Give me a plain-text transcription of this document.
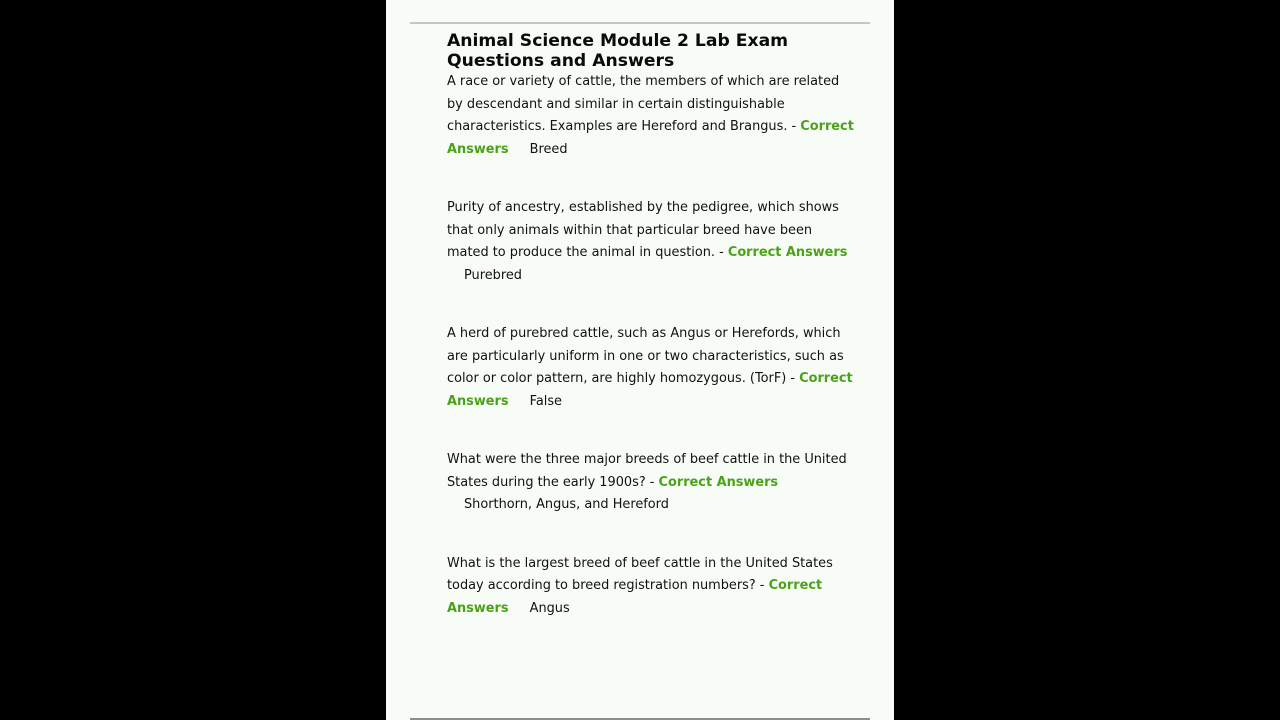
Animal Science Module 2 Lab Exam Questions and Answers

A race or variety of cattle, the members of which are related by descendant and similar in certain distinguishable characteristics. Examples are Hereford and Brangus. - Correct Answers Breed

Purity of ancestry, established by the pedigree, which shows that only animals within that particular breed have been mated to produce the animal in question. - Correct Answers
Purebred

A herd of purebred cattle, such as Angus or Herefords, which are particularly uniform in one or two characteristics, such as color or color pattern, are highly homozygous. (TorF) - Correct Answers False

What were the three major breeds of beef cattle in the United States during the early 1900s? - Correct Answers
Shorthorn, Angus, and Hereford

What is the largest breed of beef cattle in the United States today according to breed registration numbers? - Correct Answers Angus
